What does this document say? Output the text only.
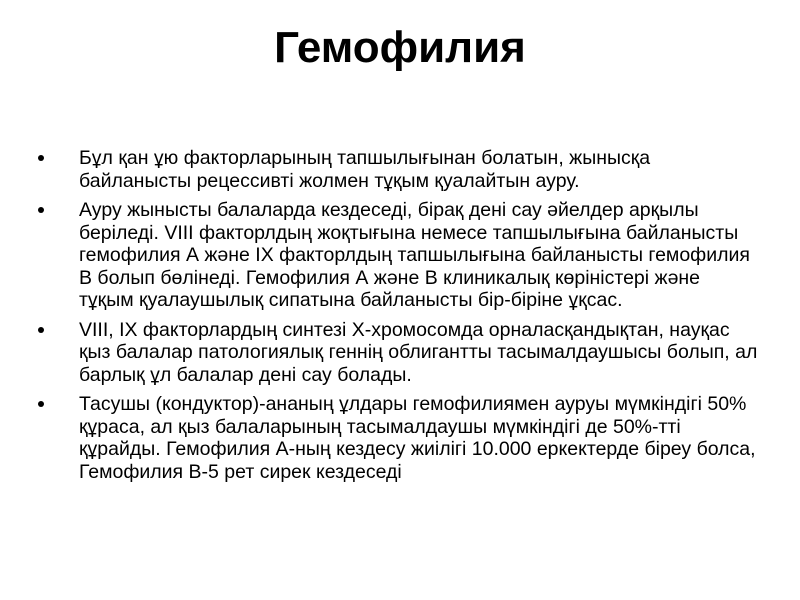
Гемофилия
Бұл қан ұю факторларының тапшылығынан болатын, жынысқа байланысты рецессивті жолмен тұқым қуалайтын ауру.
Ауру жынысты балаларда кездеседі, бірақ дені сау әйелдер арқылы беріледі. VIII факторлдың жоқтығына немесе тапшылығына байланысты гемофилия А және IX факторлдың тапшылығына байланысты гемофилия В болып бөлінеді. Гемофилия А және В клиникалық көріністері және тұқым қуалаушылық сипатына байланысты бір-біріне ұқсас.
VIII, IX факторлардың синтезі X-хромосомда орналасқандықтан, науқас қыз балалар патологиялық геннің облигантты тасымалдаушысы болып, ал барлық ұл балалар дені сау болады.
Тасушы (кондуктор)-ананың ұлдары гемофилиямен ауруы мүмкіндігі 50% құраса, ал қыз балаларының тасымалдаушы мүмкіндігі де 50%-тті құрайды. Гемофилия А-ның кездесу жиілігі 10.000 еркектерде біреу болса, Гемофилия В-5 рет сирек кездеседі
